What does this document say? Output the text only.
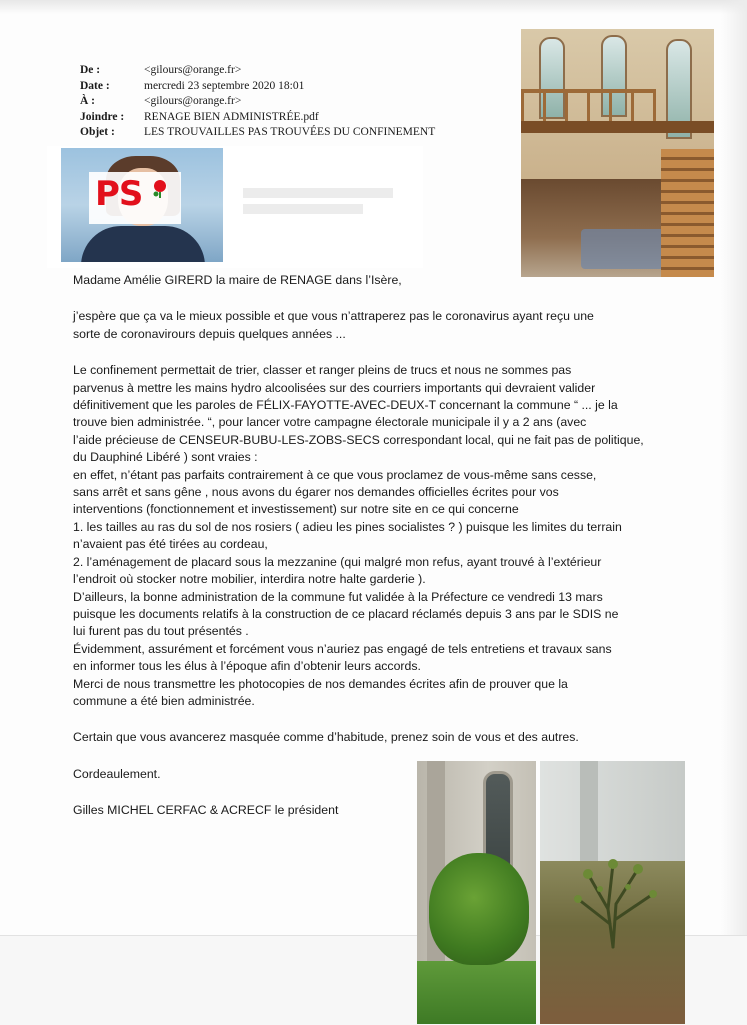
De :	<gilours@orange.fr>
Date :	mercredi 23 septembre 2020 18:01
À :	<gilours@orange.fr>
Joindre :	RENAGE BIEN ADMINISTRÉE.pdf
Objet :	LES TROUVAILLES PAS TROUVÉES DU CONFINEMENT
PS

Madame Amélie GIRERD la maire de RENAGE dans l’Isère,

j’espère que ça va le mieux possible et que vous n’attraperez pas le coronavirus ayant reçu une

sorte de coronavirours depuis quelques années ...

Le confinement permettait de trier, classer et ranger pleins de trucs et nous ne sommes pas

parvenus à mettre les mains hydro alcoolisées sur des courriers importants qui devraient valider

définitivement que les paroles de FÉLIX-FAYOTTE-AVEC-DEUX-T concernant la commune “ ... je la

trouve bien administrée. “, pour lancer votre campagne électorale municipale il y a 2 ans (avec

l’aide précieuse de CENSEUR-BUBU-LES-ZOBS-SECS correspondant local, qui ne fait pas de politique,

du Dauphiné Libéré ) sont vraies :

en effet, n’étant pas parfaits contrairement à ce que vous proclamez de vous-même sans cesse,

sans arrêt et sans gêne , nous avons du égarer nos demandes officielles écrites pour vos

interventions (fonctionnement et investissement) sur notre site en ce qui concerne

1. les tailles au ras du sol de nos rosiers ( adieu les pines socialistes ? ) puisque les limites du terrain

n’avaient pas été tirées au cordeau,

2. l’aménagement de placard sous la mezzanine (qui malgré mon refus, ayant trouvé à l’extérieur

l’endroit où stocker notre mobilier, interdira notre halte garderie ).

D’ailleurs, la bonne administration de la commune fut validée à la Préfecture ce vendredi 13 mars

puisque les documents relatifs à la construction de ce placard réclamés depuis 3 ans par le SDIS ne

lui furent pas du tout présentés .

Évidemment, assurément et forcément vous n’auriez pas engagé de tels entretiens et travaux sans

en informer tous les élus à l’époque afin d’obtenir leurs accords.

Merci de nous transmettre les photocopies de nos demandes écrites afin de prouver que la

commune a été bien administrée.

Certain que vous avancerez masquée comme d’habitude, prenez soin de vous et des autres.

Cordeaulement.

Gilles MICHEL CERFAC & ACRECF le président
